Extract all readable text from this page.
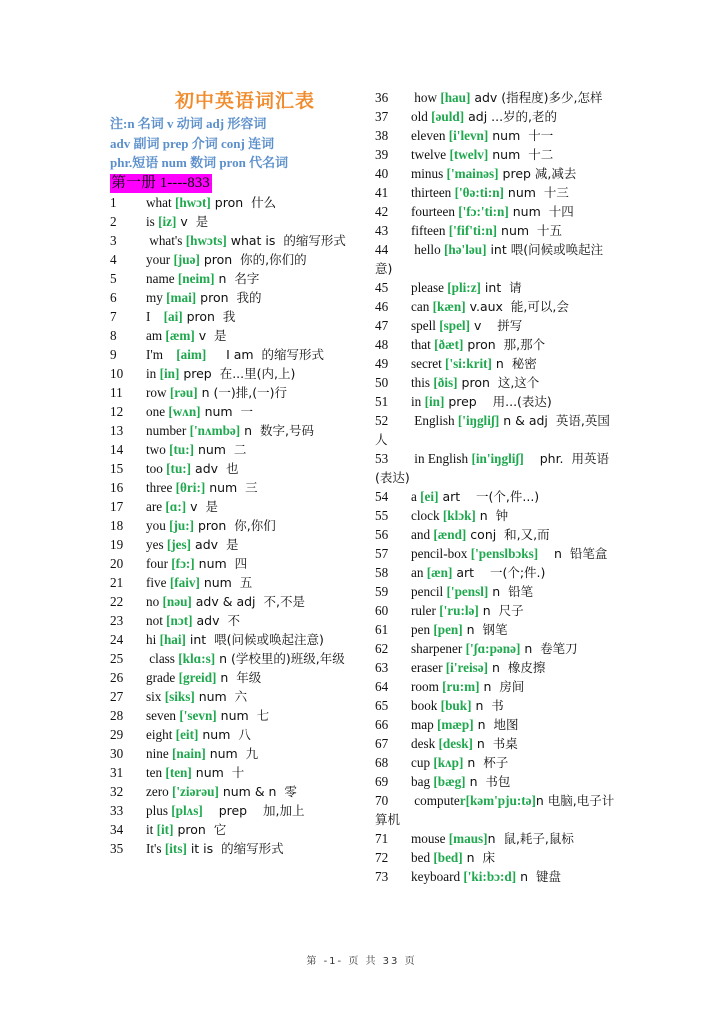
初中英语词汇表
注:n 名词 v 动词 adj 形容词
adv 副词 prep 介词 conj 连词
phr.短语 num 数词 pron 代名词
第一册 1----833
1 what [hwɔt] pron  什么
2 is [iz] v  是
3 what's [hwɔts] what is  的缩写形式
4 your [juə] pron  你的,你们的
5 name [neim] n  名字
6 my [mai] pron  我的
7 I    [ai] pron  我
8 am [æm] v  是
9 I'm    [aim]     I am  的缩写形式
10 in [in] prep  在...里(内,上)
11 row [rəu] n (一)排,(一)行
12 one [wʌn] num  一
13 number ['nʌmbə] n  数字,号码
14 two [tu:] num  二
15 too [tu:] adv  也
16 three [θri:] num  三
17 are [ɑ:] v  是
18 you [ju:] pron  你,你们
19 yes [jes] adv  是
20 four [fɔ:] num  四
21 five [faiv] num  五
22 no [nəu] adv & adj  不,不是
23 not [nɔt] adv  不
24 hi [hai] int  喂(问候或唤起注意)
25 class [klɑ:s] n (学校里的)班级,年级
26 grade [greid] n  年级
27 six [siks] num  六
28 seven ['sevn] num  七
29 eight [eit] num  八
30 nine [nain] num  九
31 ten [ten] num  十
32 zero ['ziərəu] num & n  零
33 plus [plʌs]    prep    加,加上
34 it [it] pron  它
35 It's [its] it is  的缩写形式
36 how [hau] adv (指程度)多少,怎样
37 old [əuld] adj ...岁的,老的
38 eleven [i'levn] num  十一
39 twelve [twelv] num  十二
40 minus ['mainəs] prep 减,减去
41 thirteen ['θə:ti:n] num  十三
42 fourteen ['fɔ:'ti:n] num  十四
43 fifteen ['fif'ti:n] num  十五
44 hello [hə'ləu] int 喂(问候或唤起注意)
45 please [pli:z] int  请
46 can [kæn] v.aux  能,可以,会
47 spell [spel] v    拼写
48 that [ðæt] pron  那,那个
49 secret ['si:krit] n  秘密
50 this [ðis] pron  这,这个
51 in [in] prep    用...(表达)
52 English ['iŋgliʃ] n & adj  英语,英国人
53 in English [in'iŋgliʃ]    phr.  用英语(表达)
54 a [ei] art    一(个,件...)
55 clock [klɔk] n  钟
56 and [ænd] conj  和,又,而
57 pencil-box ['penslbɔks]    n  铅笔盒
58 an [æn] art    一(个;件.)
59 pencil ['pensl] n  铅笔
60 ruler ['ru:lə] n  尺子
61 pen [pen] n  钢笔
62 sharpener ['ʃɑ:pənə] n  卷笔刀
63 eraser [i'reisə] n  橡皮擦
64 room [ru:m] n  房间
65 book [buk] n  书
66 map [mæp] n  地图
67 desk [desk] n  书桌
68 cup [kʌp] n  杯子
69 bag [bæg] n  书包
70 computer[kəm'pju:tə]n 电脑,电子计算机
71 mouse [maus]n  鼠,耗子,鼠标
72 bed [bed] n  床
73 keyboard ['ki:bɔ:d] n  键盘
第 -1- 页 共 33 页
